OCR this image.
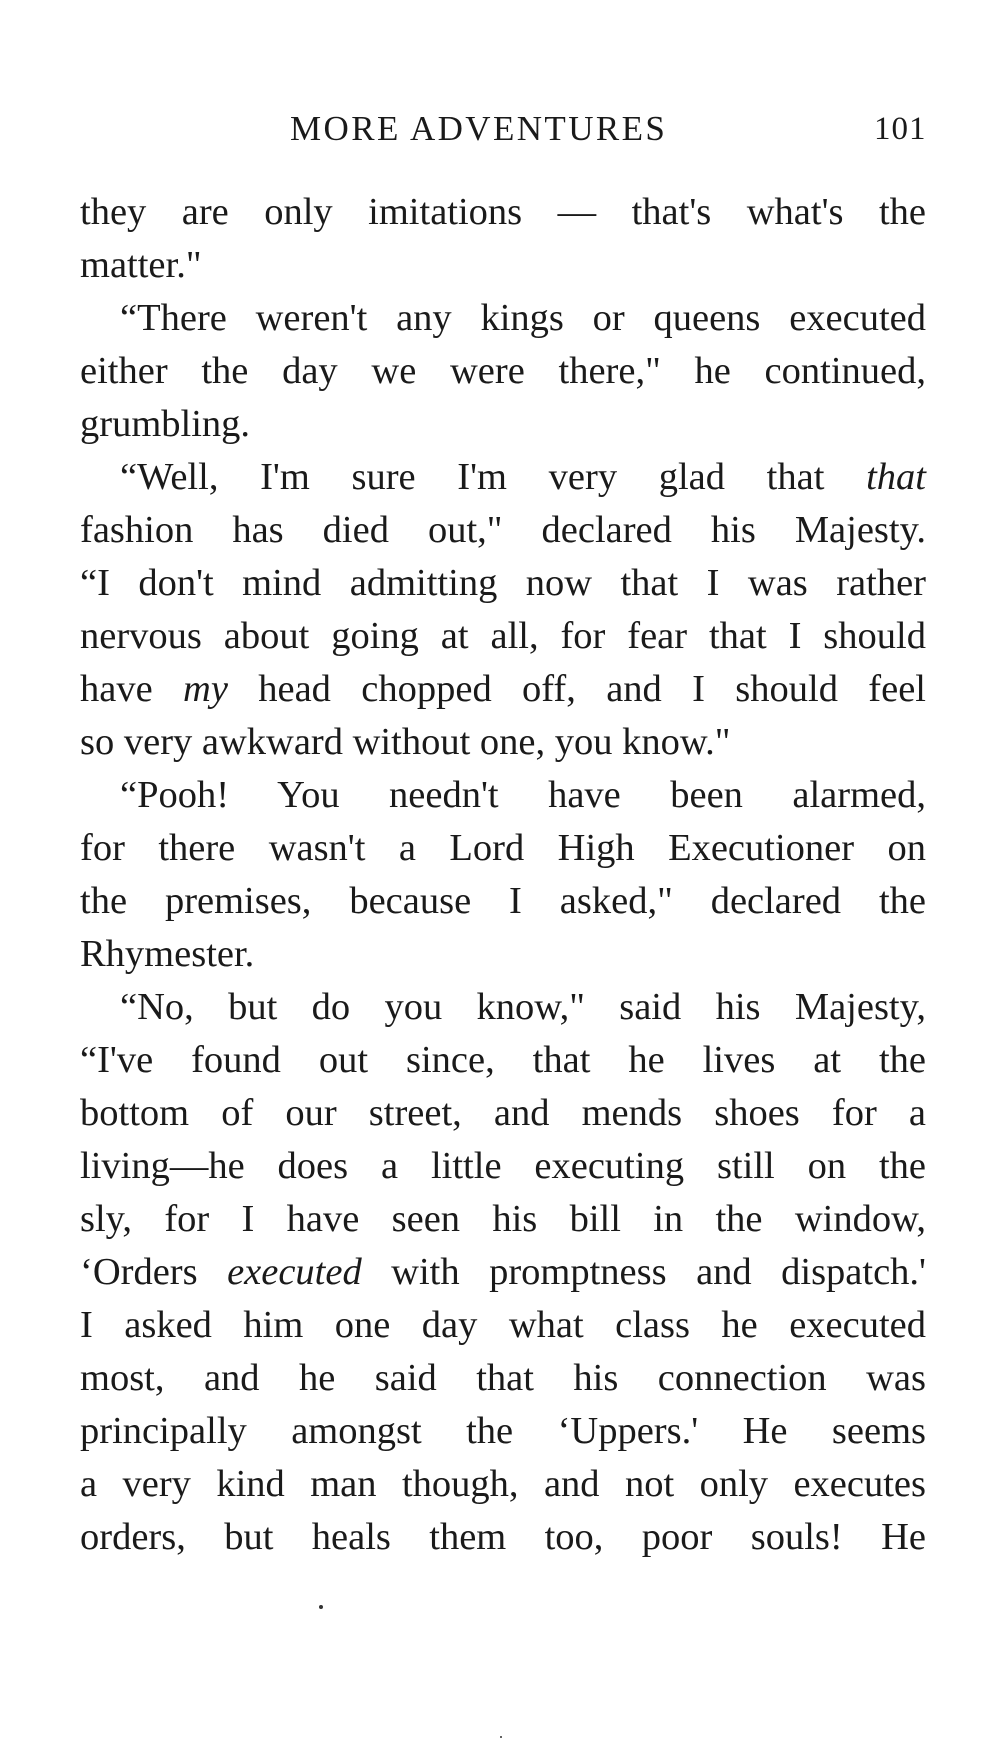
MORE ADVENTURES	101
they are only imitations — that's what's the
matter."
“There weren't any kings or queens executed
either the day we were there," he continued,
grumbling.
“Well, I'm sure I'm very glad that that
fashion has died out," declared his Majesty.
“I don't mind admitting now that I was rather
nervous about going at all, for fear that I should
have my head chopped off, and I should feel
so very awkward without one, you know."
“Pooh! You needn't have been alarmed,
for there wasn't a Lord High Executioner on
the premises, because I asked," declared the
Rhymester.
“No, but do you know," said his Majesty,
“I've found out since, that he lives at the
bottom of our street, and mends shoes for a
living—he does a little executing still on the
sly, for I have seen his bill in the window,
‘Orders executed with promptness and dispatch.'
I asked him one day what class he executed
most, and he said that his connection was
principally amongst the ‘Uppers.' He seems
a very kind man though, and not only executes
orders, but heals them too, poor souls! He
